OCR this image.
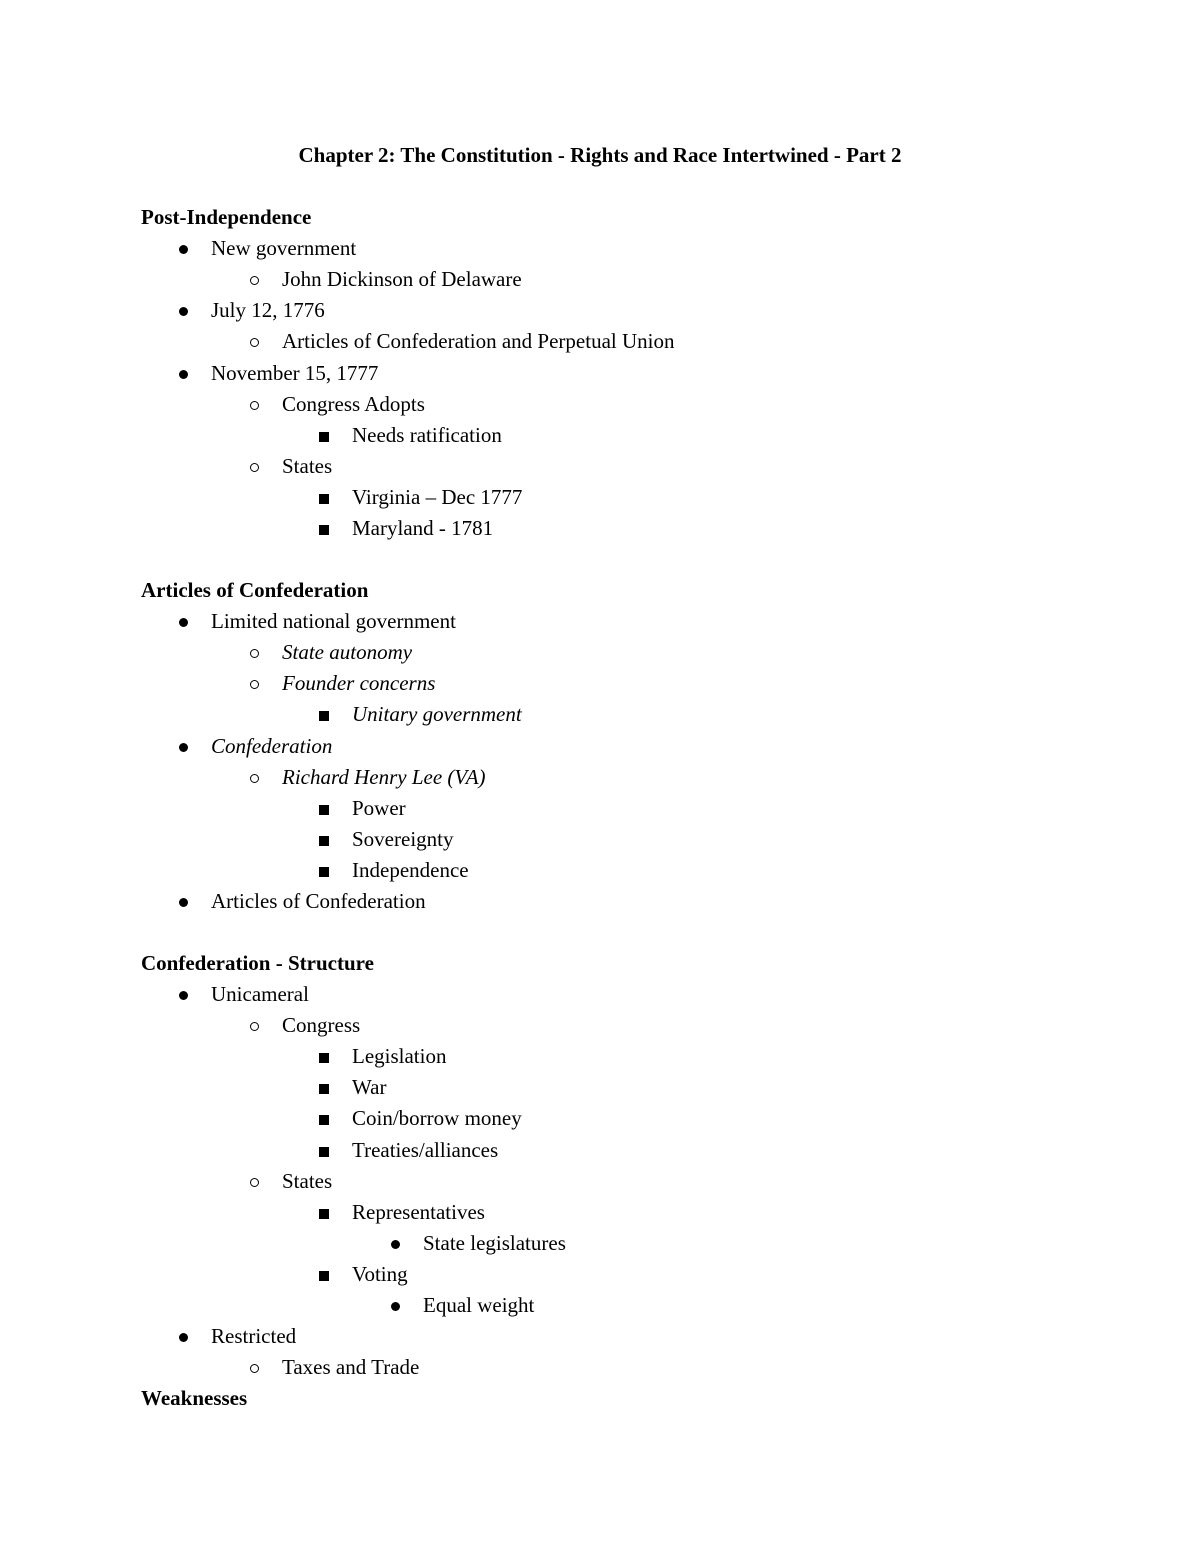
Chapter 2: The Constitution - Rights and Race Intertwined - Part 2
Post-Independence
New government
John Dickinson of Delaware
July 12, 1776
Articles of Confederation and Perpetual Union
November 15, 1777
Congress Adopts
Needs ratification
States
Virginia – Dec 1777
Maryland - 1781
Articles of Confederation
Limited national government
State autonomy
Founder concerns
Unitary government
Confederation
Richard Henry Lee (VA)
Power
Sovereignty
Independence
Articles of Confederation
Confederation - Structure
Unicameral
Congress
Legislation
War
Coin/borrow money
Treaties/alliances
States
Representatives
State legislatures
Voting
Equal weight
Restricted
Taxes and Trade
Weaknesses
